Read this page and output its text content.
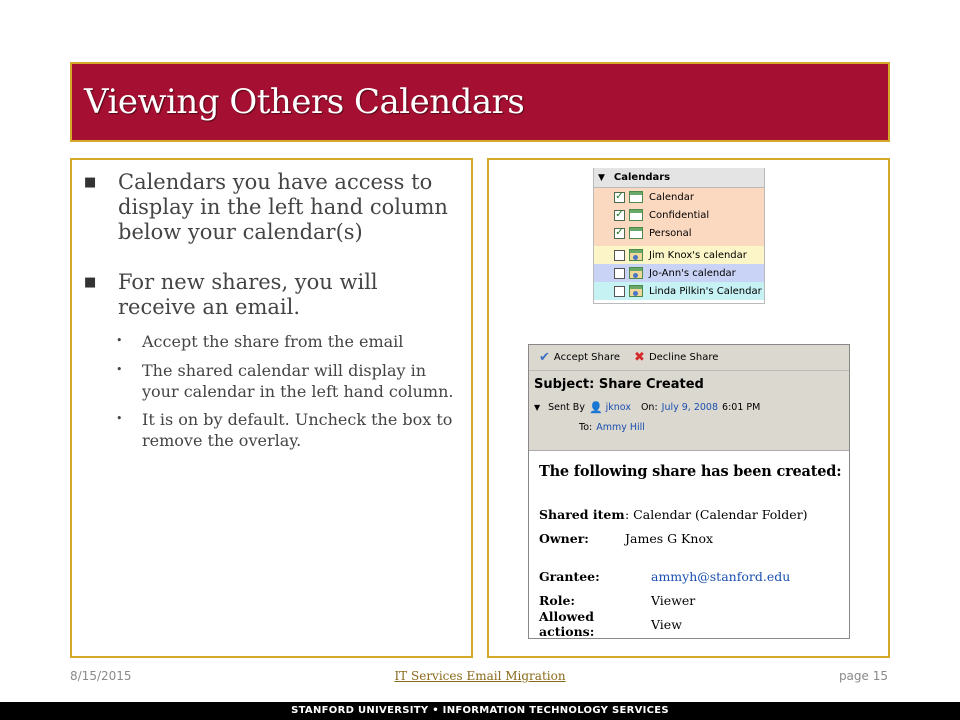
Viewing Others Calendars
■	Calendars you have access to display in the left hand column below your calendar(s)
■	For new shares, you will receive an email.
•	Accept the share from the email
•	The shared calendar will display in your calendar in the left hand column.
•	It is on by default. Uncheck the box to remove the overlay.
▼ Calendars
✓	Calendar
✓	Confidential
✓	Personal
Jim Knox's calendar
Jo-Ann's calendar
Linda Pilkin's Calendar
✔ Accept Share ✖ Decline Share
Subject: Share Created
▼ Sent By 👤 jknox On: July 9, 2008 6:01 PM
To: Ammy Hill
The following share has been created:
Shared item : Calendar (Calendar Folder)
Owner:	James G Knox
Grantee:	ammyh@stanford.edu
Role:	Viewer
Allowed actions:	View
8/15/2015	IT Services Email Migration	page 15
STANFORD UNIVERSITY • INFORMATION TECHNOLOGY SERVICES
